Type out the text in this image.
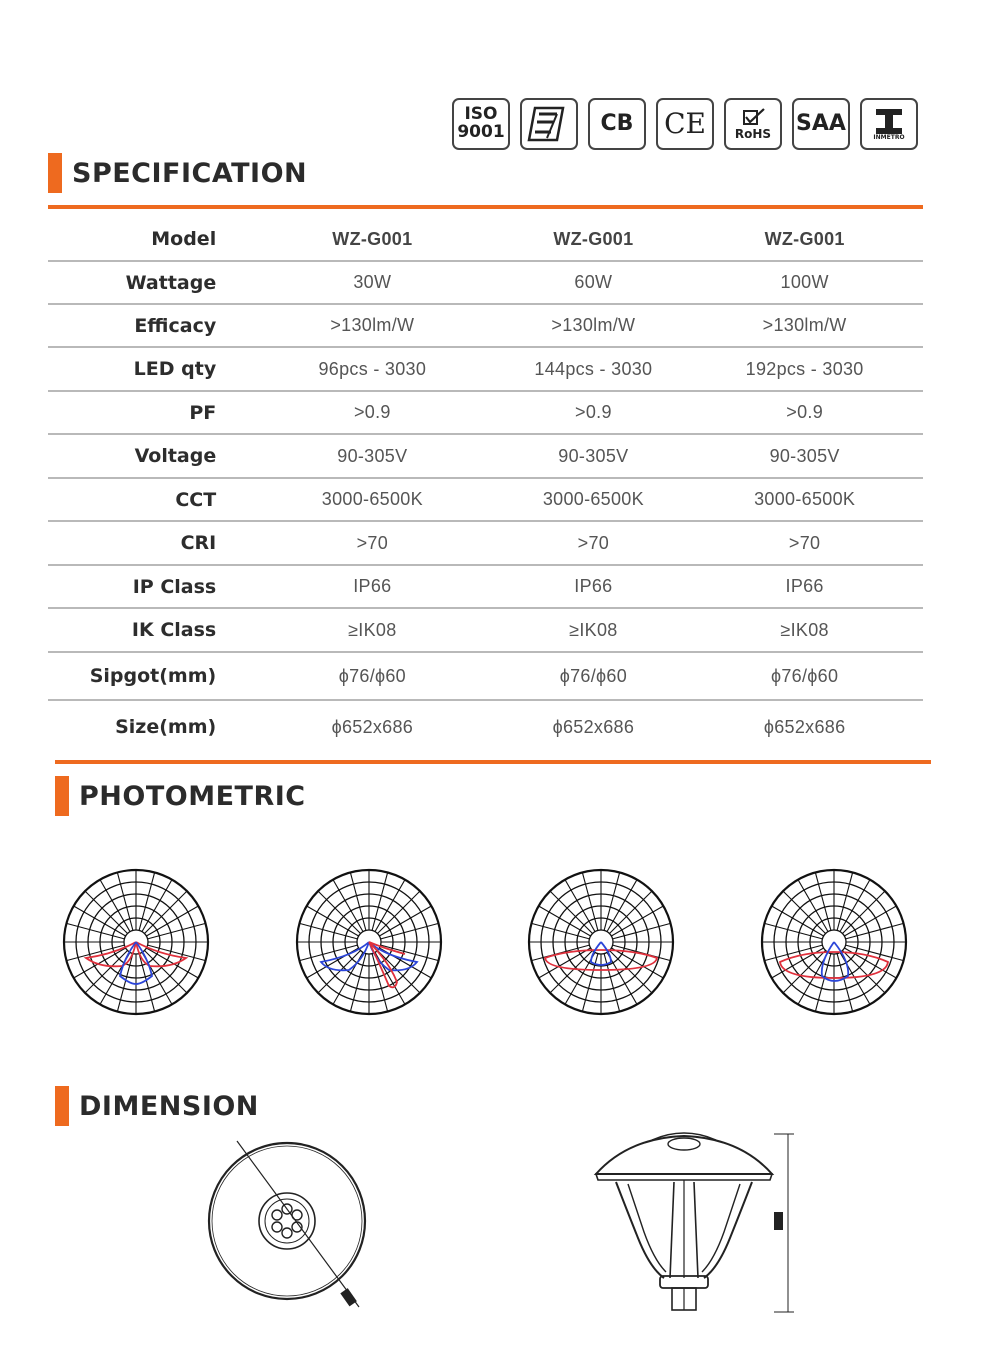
ISO
9001	CB CE RoHS SAA
INMETRO
SPECIFICATION
Model	WZ-G001	WZ-G001	WZ-G001
Wattage	30W	60W	100W
Efficacy	>130lm/W	>130lm/W	>130lm/W
LED qty	96pcs - 3030	144pcs - 3030	192pcs - 3030
PF	>0.9	>0.9	>0.9
Voltage	90-305V	90-305V	90-305V
CCT	3000-6500K	3000-6500K	3000-6500K
CRI	>70	>70	>70
IP Class	IP66	IP66	IP66
IK Class	≥IK08	≥IK08	≥IK08
Sipgot(mm)	ϕ76/ϕ60	ϕ76/ϕ60	ϕ76/ϕ60
Size(mm)	ϕ652x686	ϕ652x686	ϕ652x686
PHOTOMETRIC
DIMENSION
